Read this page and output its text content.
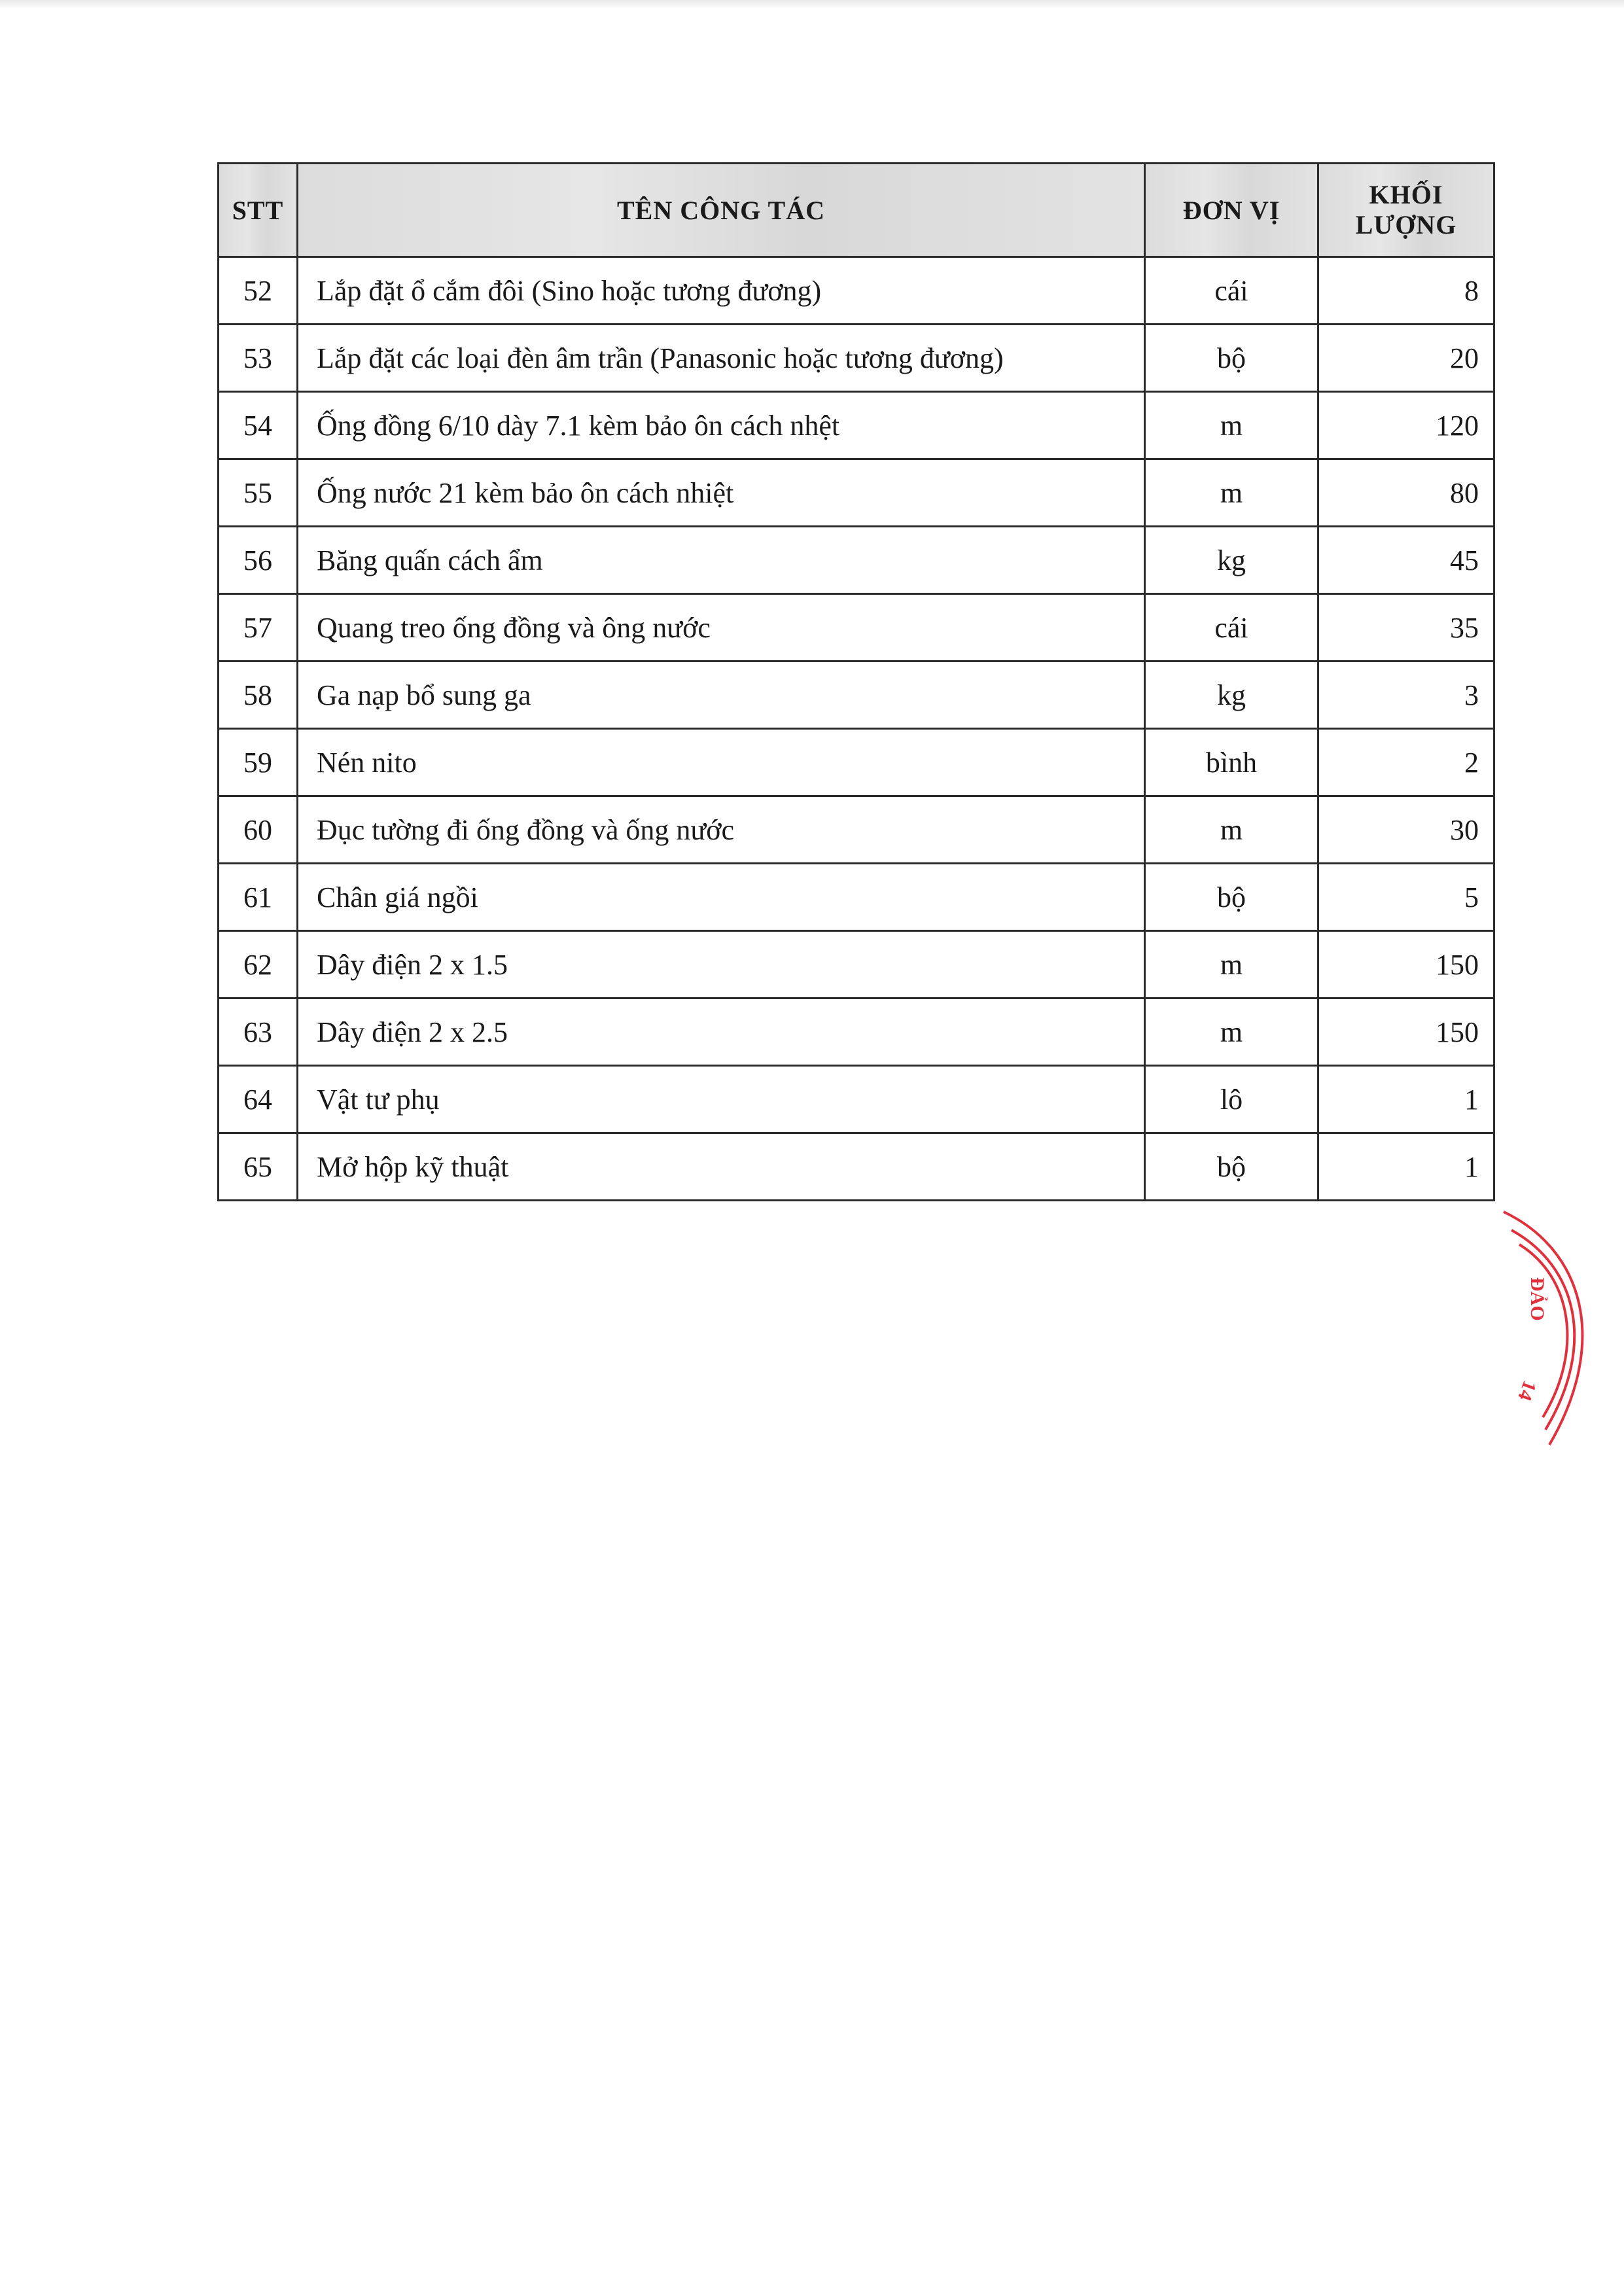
STT	TÊN CÔNG TÁC	ĐƠN VỊ	KHỐI
LƯỢNG

52	Lắp đặt ổ cắm đôi (Sino hoặc tương đương)	cái	8
53	Lắp đặt các loại đèn âm trần (Panasonic hoặc tương đương)	bộ	20
54	Ống đồng 6/10 dày 7.1 kèm bảo ôn cách nhệt	m	120
55	Ống nước 21 kèm bảo ôn cách nhiệt	m	80
56	Băng quấn cách ẩm	kg	45
57	Quang treo ống đồng và ông nước	cái	35
58	Ga nạp bổ sung ga	kg	3
59	Nén nito	bình	2
60	Đục tường đi ống đồng và ống nước	m	30
61	Chân giá ngồi	bộ	5
62	Dây điện 2 x 1.5	m	150
63	Dây điện 2 x 2.5	m	150
64	Vật tư phụ	lô	1
65	Mở hộp kỹ thuật	bộ	1
ĐẢO
14
